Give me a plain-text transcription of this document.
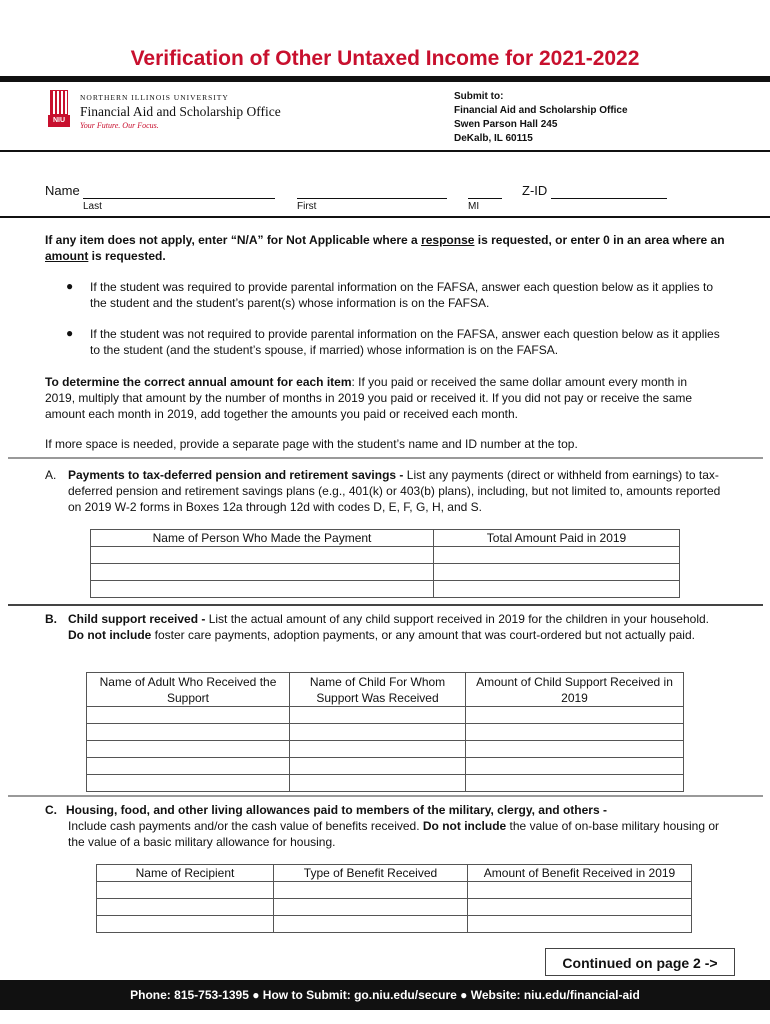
Verification of Other Untaxed Income for 2021-2022
NIU
NORTHERN ILLINOIS UNIVERSITY
Financial Aid and Scholarship Office
Your Future. Our Focus.
Submit to:
Financial Aid and Scholarship Office
Swen Parson Hall 245
DeKalb, IL 60115
Name	Z-ID
Last	First	MI
If any item does not apply, enter “N/A” for Not Applicable where a response is requested, or enter 0 in an area where an amount is requested.
● If the student was required to provide parental information on the FAFSA, answer each question below as it applies to the student and the student’s parent(s) whose information is on the FAFSA.
● If the student was not required to provide parental information on the FAFSA, answer each question below as it applies to the student (and the student’s spouse, if married) whose information is on the FAFSA.
To determine the correct annual amount for each item: If you paid or received the same dollar amount every month in 2019, multiply that amount by the number of months in 2019 you paid or received it. If you did not pay or receive the same amount each month in 2019, add together the amounts you paid or received each month.
If more space is needed, provide a separate page with the student’s name and ID number at the top.
A. Payments to tax-deferred pension and retirement savings - List any payments (direct or withheld from earnings) to tax-deferred pension and retirement savings plans (e.g., 401(k) or 403(b) plans), including, but not limited to, amounts reported on 2019 W-2 forms in Boxes 12a through 12d with codes D, E, F, G, H, and S.
Name of Person Who Made the Payment	Total Amount Paid in 2019

B. Child support received - List the actual amount of any child support received in 2019 for the children in your household. Do not include foster care payments, adoption payments, or any amount that was court-ordered but not actually paid.
Name of Adult Who Received the Support	Name of Child For Whom Support Was Received	Amount of Child Support Received in 2019

C. Housing, food, and other living allowances paid to members of the military, clergy, and others -
Include cash payments and/or the cash value of benefits received. Do not include the value of on-base military housing or the value of a basic military allowance for housing.
Name of Recipient	Type of Benefit Received	Amount of Benefit Received in 2019

Continued on page 2 ->
Phone: 815-753-1395 ● How to Submit: go.niu.edu/secure ● Website: niu.edu/financial-aid
